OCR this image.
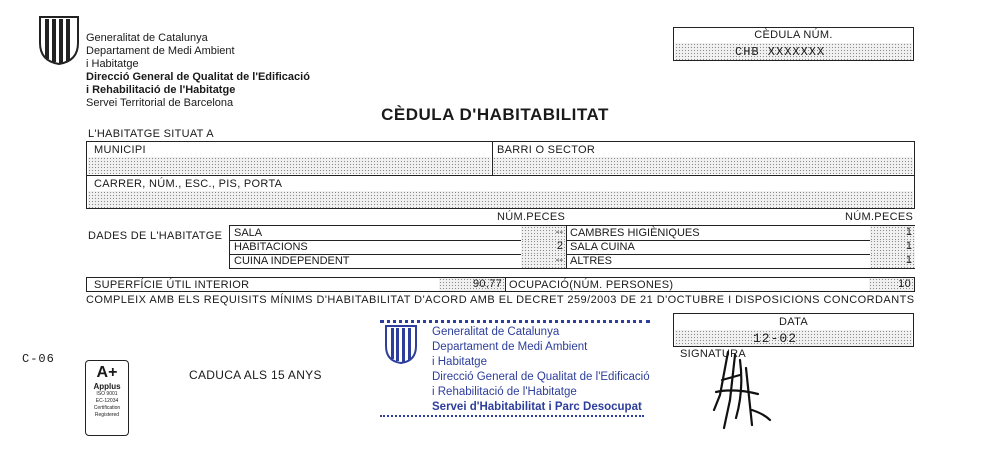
Generalitat de Catalunya
Departament de Medi Ambient
i Habitatge
Direcció General de Qualitat de l'Edificació
i Rehabilitació de l'Habitatge
Servei Territorial de Barcelona
CÈDULA NÚM.
CHB XXXXXXX
CÈDULA D'HABITABILITAT
L'HABITATGE SITUAT A
MUNICIPI	BARRI O SECTOR
CARRER, NÚM., ESC., PIS, PORTA
NÚM.PECES	NÚM.PECES
DADES DE L'HABITATGE SALA	--
HABITACIONS	2
CUINA INDEPENDENT	--
CAMBRES HIGIÈNIQUES	1
SALA CUINA	1
ALTRES	1
SUPERFÍCIE ÚTIL INTERIOR	90,77 OCUPACIÓ(NÚM. PERSONES)	10
COMPLEIX AMB ELS REQUISITS MÍNIMS D'HABITABILITAT D'ACORD AMB EL DECRET 259/2003 DE 21 D'OCTUBRE I DISPOSICIONS CONCORDANTS
DATA
12-02
SIGNATURA
C-06
A+
Applus
ISO 9001
EC-12034
Certification
Registered
CADUCA ALS 15 ANYS
Generalitat de Catalunya
Departament de Medi Ambient
i Habitatge
Direcció General de Qualitat de l'Edificació
i Rehabilitació de l'Habitatge
Servei d'Habitabilitat i Parc Desocupat
